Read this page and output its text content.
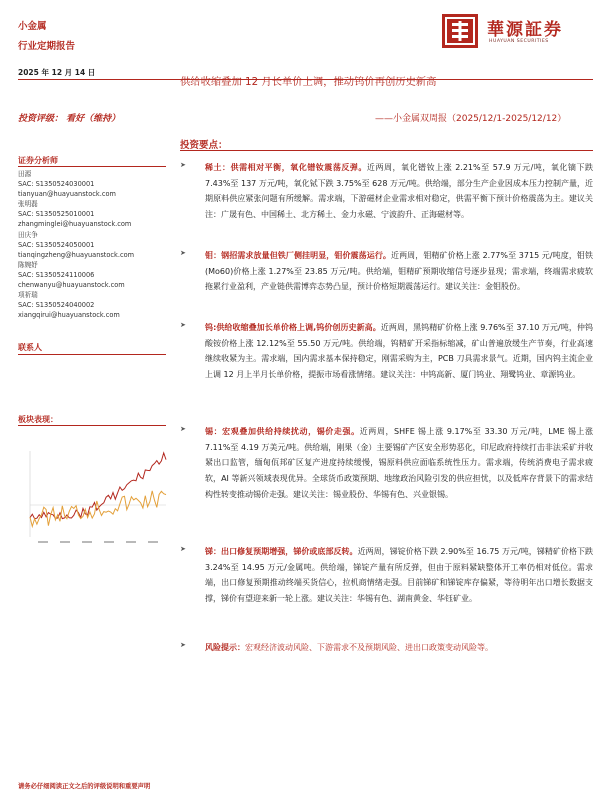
小金属
行业定期报告
華源証券
HUAYUAN SECURITIES
2025 年 12 月 14 日
供给收缩叠加 12 月长单价上调，推动钨价再创历史新高
投资评级： 看好（维持）	——小金属双周报（2025/12/1-2025/12/12）
投资要点：
证券分析师
田源
SAC: S1350524030001
tianyuan@huayuanstock.com
张明磊
SAC: S1350525010001
zhangminglei@huayuanstock.com
田庆争
SAC: S1350524050001
tianqingzheng@huayuanstock.com
陈婉妤
SAC: S1350524110006
chenwanyu@huayuanstock.com
项祈瑞
SAC: S1350524040002
xiangqirui@huayuanstock.com
联系人
板块表现：
➤ 稀土：供需相对平衡，氧化镨钕震荡反弹。近两周，氧化镨钕上涨 2.21%至 57.9 万元/吨，氧化镝下跌 7.43%至 137 万元/吨，氧化铽下跌 3.75%至 628 万元/吨。供给端，部分生产企业因成本压力控制产量，近期原料供应紧张问题有所缓解。需求端，下游磁材企业需求相对稳定，供需平衡下预计价格震荡为主。建议关注：广晟有色、中国稀土、北方稀土、金力永磁、宁波韵升、正海磁材等。
➤ 钼：钢招需求放量但铁厂侧挂明显，钼价震荡运行。近两周，钼精矿价格上涨 2.77%至 3715 元/吨度，钼铁(Mo60)价格上涨 1.27%至 23.85 万元/吨。供给端，钼精矿预期收缩信号逐步显现；需求端，终端需求疲软拖累行业盈利，产业链供需博弈态势凸显，预计价格短期震荡运行。建议关注：金钼股份。
➤ 钨:供给收缩叠加长单价格上调,钨价创历史新高。近两周，黑钨精矿价格上涨 9.76%至 37.10 万元/吨，仲钨酸铵价格上涨 12.12%至 55.50 万元/吨。供给端，钨精矿开采指标缩减，矿山普遍放缓生产节奏，行业高速继续收紧为主。需求端，国内需求基本保持稳定，刚需采购为主，PCB 刀具需求景气。近期，国内钨主流企业上调 12 月上半月长单价格，提振市场看涨情绪。建议关注：中钨高新、厦门钨业、翔鹭钨业、章源钨业。
➤ 锡：宏观叠加供给持续扰动，锡价走强。近两周，SHFE 锡上涨 9.17%至 33.30 万元/吨，LME 锡上涨 7.11%至 4.19 万美元/吨。供给端，刚果（金）主要锡矿产区安全形势恶化，印尼政府持续打击非法采矿并收紧出口监管，缅甸佤邦矿区复产进度持续缓慢，锡原料供应面临系统性压力。需求端，传统消费电子需求疲软，AI 等新兴领域表现优异。全球货币政策预期、地缘政治风险引发的供应担忧，以及低库存背景下的需求结构性转变推动锡价走强。建议关注：锡业股份、华锡有色、兴业银锡。
➤ 锑：出口修复预期增强，锑价或底部反转。近两周，锑锭价格下跌 2.90%至 16.75 万元/吨，锑精矿价格下跌 3.24%至 14.95 万元/金属吨。供给端，锑锭产量有所反弹，但由于原料紧缺整体开工率仍相对低位。需求端，出口修复预期推动终端买货信心，拉机商情绪走强。目前锑矿和锑锭库存偏紧，等待明年出口增长数据支撑，锑价有望迎来新一轮上涨。建议关注：华锡有色、湖南黄金、华钰矿业。
➤ 风险提示：宏观经济波动风险、下游需求不及预期风险、进出口政策变动风险等。
请务必仔细阅读正文之后的评级说明和重要声明
